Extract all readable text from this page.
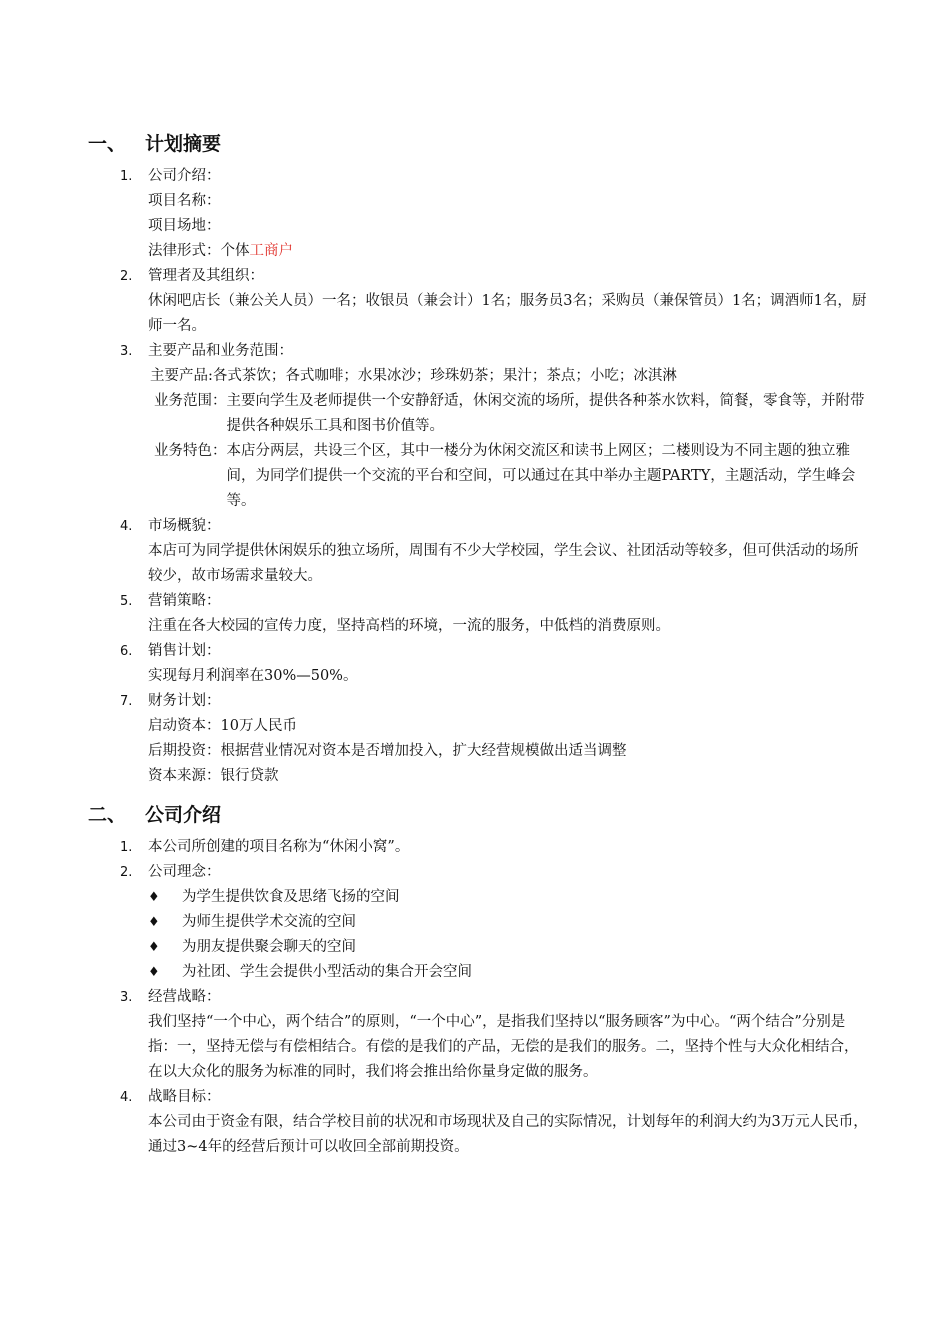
一、 计划摘要
1.	公司介绍：
项目名称：
项目场地：
法律形式：个体工商户
2.	管理者及其组织：
休闲吧店长（兼公关人员）一名；收银员（兼会计）1名；服务员3名；采购员（兼保管员）1名；调酒师1名，厨师一名。
3.	主要产品和业务范围：
主要产品: 各式茶饮；各式咖啡；水果冰沙；珍珠奶茶；果汁；茶点；小吃；冰淇淋
业务范围： 主要向学生及老师提供一个安静舒适，休闲交流的场所，提供各种茶水饮料，简餐，零食等，并附带提供各种娱乐工具和图书价值等。
业务特色： 本店分两层，共设三个区，其中一楼分为休闲交流区和读书上网区；二楼则设为不同主题的独立雅间，为同学们提供一个交流的平台和空间，可以通过在其中举办主题PARTY，主题活动，学生峰会等。
4.	市场概貌：
本店可为同学提供休闲娱乐的独立场所，周围有不少大学校园，学生会议、社团活动等较多，但可供活动的场所较少，故市场需求量较大。
5.	营销策略：
注重在各大校园的宣传力度，坚持高档的环境，一流的服务，中低档的消费原则。
6.	销售计划：
实现每月利润率在30%—50%。
7.	财务计划：
启动资本：10万人民币
后期投资：根据营业情况对资本是否增加投入，扩大经营规模做出适当调整
资本来源：银行贷款
二、 公司介绍
1.	本公司所创建的项目名称为“休闲小窝”。
2.	公司理念：
♦	为学生提供饮食及思绪飞扬的空间
♦	为师生提供学术交流的空间
♦	为朋友提供聚会聊天的空间
♦	为社团、学生会提供小型活动的集合开会空间
3.	经营战略：
我们坚持“一个中心，两个结合”的原则，“一个中心”，是指我们坚持以“服务顾客”为中心。“两个结合”分别是指：一，坚持无偿与有偿相结合。有偿的是我们的产品，无偿的是我们的服务。二，坚持个性与大众化相结合，在以大众化的服务为标准的同时，我们将会推出给你量身定做的服务。
4.	战略目标：
本公司由于资金有限，结合学校目前的状况和市场现状及自己的实际情况，计划每年的利润大约为3万元人民币，通过3~4年的经营后预计可以收回全部前期投资。
